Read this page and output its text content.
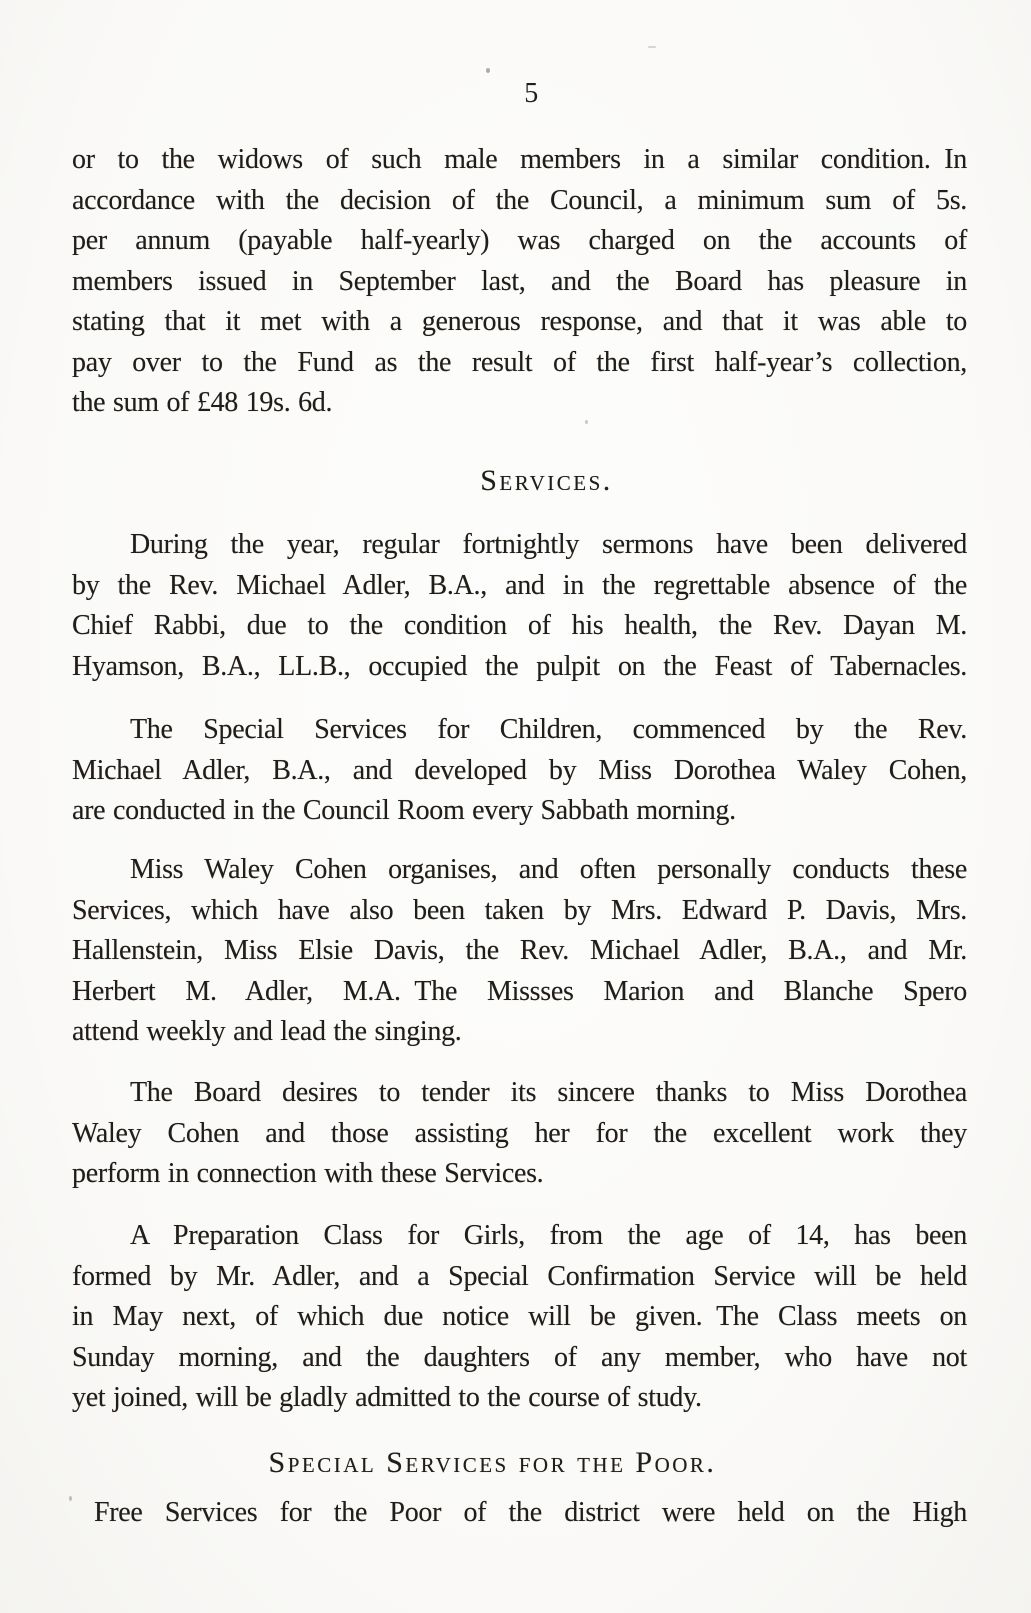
5
or to the widows of such male members in a similar condition. In
accordance with the decision of the Council, a minimum sum of 5s.
per annum (payable half-yearly) was charged on the accounts of
members issued in September last, and the Board has pleasure in
stating that it met with a generous response, and that it was able to
pay over to the Fund as the result of the first half-year’s collection,
the sum of £48 19s. 6d.
Services.
During the year, regular fortnightly sermons have been delivered
by the Rev. Michael Adler, B.A., and in the regrettable absence of the
Chief Rabbi, due to the condition of his health, the Rev. Dayan M.
Hyamson, B.A., LL.B., occupied the pulpit on the Feast of Tabernacles.
The Special Services for Children, commenced by the Rev.
Michael Adler, B.A., and developed by Miss Dorothea Waley Cohen,
are conducted in the Council Room every Sabbath morning.
Miss Waley Cohen organises, and often personally conducts these
Services, which have also been taken by Mrs. Edward P. Davis, Mrs.
Hallenstein, Miss Elsie Davis, the Rev. Michael Adler, B.A., and Mr.
Herbert M. Adler, M.A. The Missses Marion and Blanche Spero
attend weekly and lead the singing.
The Board desires to tender its sincere thanks to Miss Dorothea
Waley Cohen and those assisting her for the excellent work they
perform in connection with these Services.
A Preparation Class for Girls, from the age of 14, has been
formed by Mr. Adler, and a Special Confirmation Service will be held
in May next, of which due notice will be given. The Class meets on
Sunday morning, and the daughters of any member, who have not
yet joined, will be gladly admitted to the course of study.
Special Services for the Poor.
Free Services for the Poor of the district were held on the High
